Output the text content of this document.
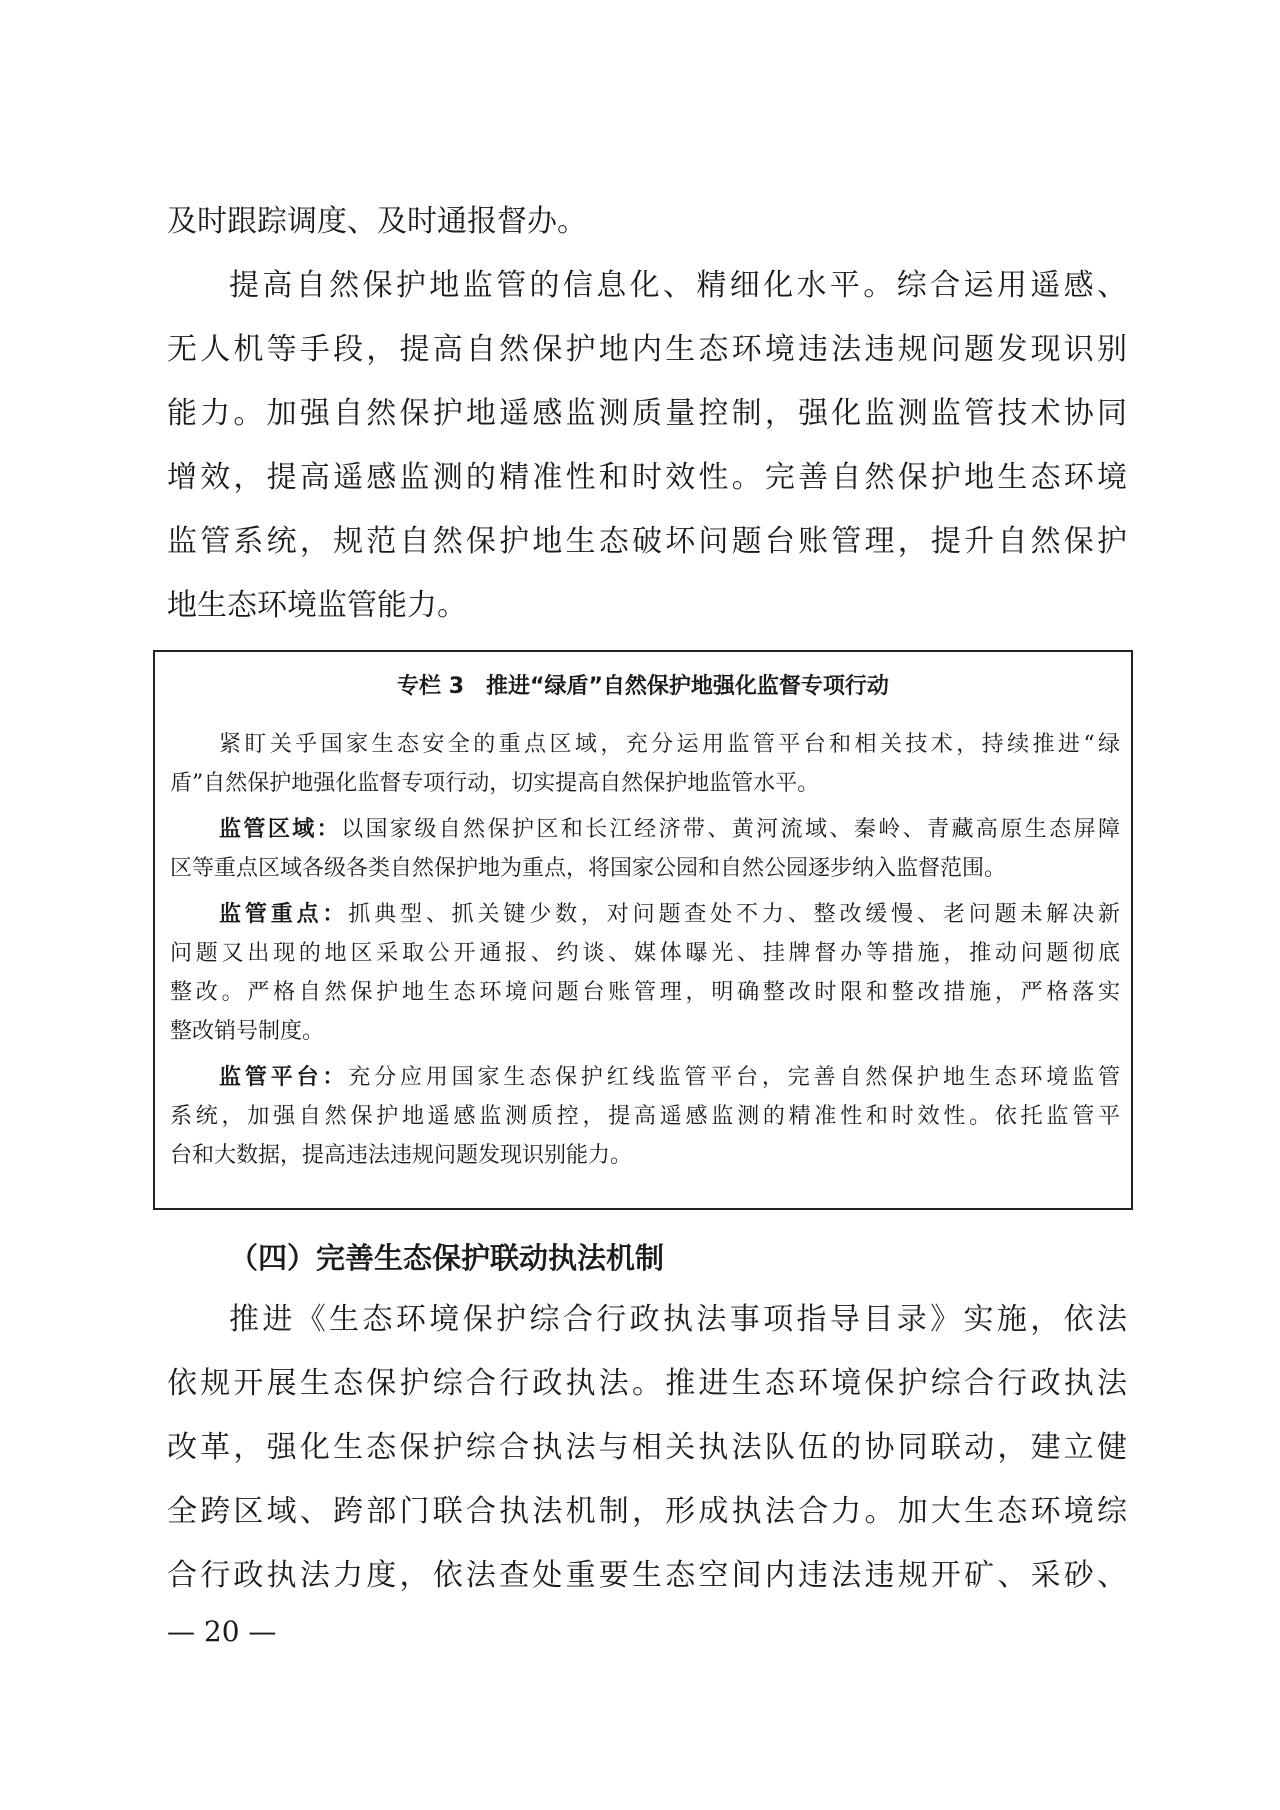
及时跟踪调度、及时通报督办。
提高自然保护地监管的信息化、精细化水平。综合运用遥感、
无人机等手段，提高自然保护地内生态环境违法违规问题发现识别
能力。加强自然保护地遥感监测质量控制，强化监测监管技术协同
增效，提高遥感监测的精准性和时效性。完善自然保护地生态环境
监管系统，规范自然保护地生态破坏问题台账管理，提升自然保护
地生态环境监管能力。
专栏 3　推进“绿盾”自然保护地强化监督专项行动
紧盯关乎国家生态安全的重点区域，充分运用监管平台和相关技术，持续推进“绿
盾”自然保护地强化监督专项行动，切实提高自然保护地监管水平。
监管区域：以国家级自然保护区和长江经济带、黄河流域、秦岭、青藏高原生态屏障
区等重点区域各级各类自然保护地为重点，将国家公园和自然公园逐步纳入监督范围。
监管重点：抓典型、抓关键少数，对问题查处不力、整改缓慢、老问题未解决新
问题又出现的地区采取公开通报、约谈、媒体曝光、挂牌督办等措施，推动问题彻底
整改。严格自然保护地生态环境问题台账管理，明确整改时限和整改措施，严格落实
整改销号制度。
监管平台：充分应用国家生态保护红线监管平台，完善自然保护地生态环境监管
系统，加强自然保护地遥感监测质控，提高遥感监测的精准性和时效性。依托监管平
台和大数据，提高违法违规问题发现识别能力。
（四）完善生态保护联动执法机制
推进《生态环境保护综合行政执法事项指导目录》实施，依法
依规开展生态保护综合行政执法。推进生态环境保护综合行政执法
改革，强化生态保护综合执法与相关执法队伍的协同联动，建立健
全跨区域、跨部门联合执法机制，形成执法合力。加大生态环境综
合行政执法力度，依法查处重要生态空间内违法违规开矿、采砂、
— 20 —
